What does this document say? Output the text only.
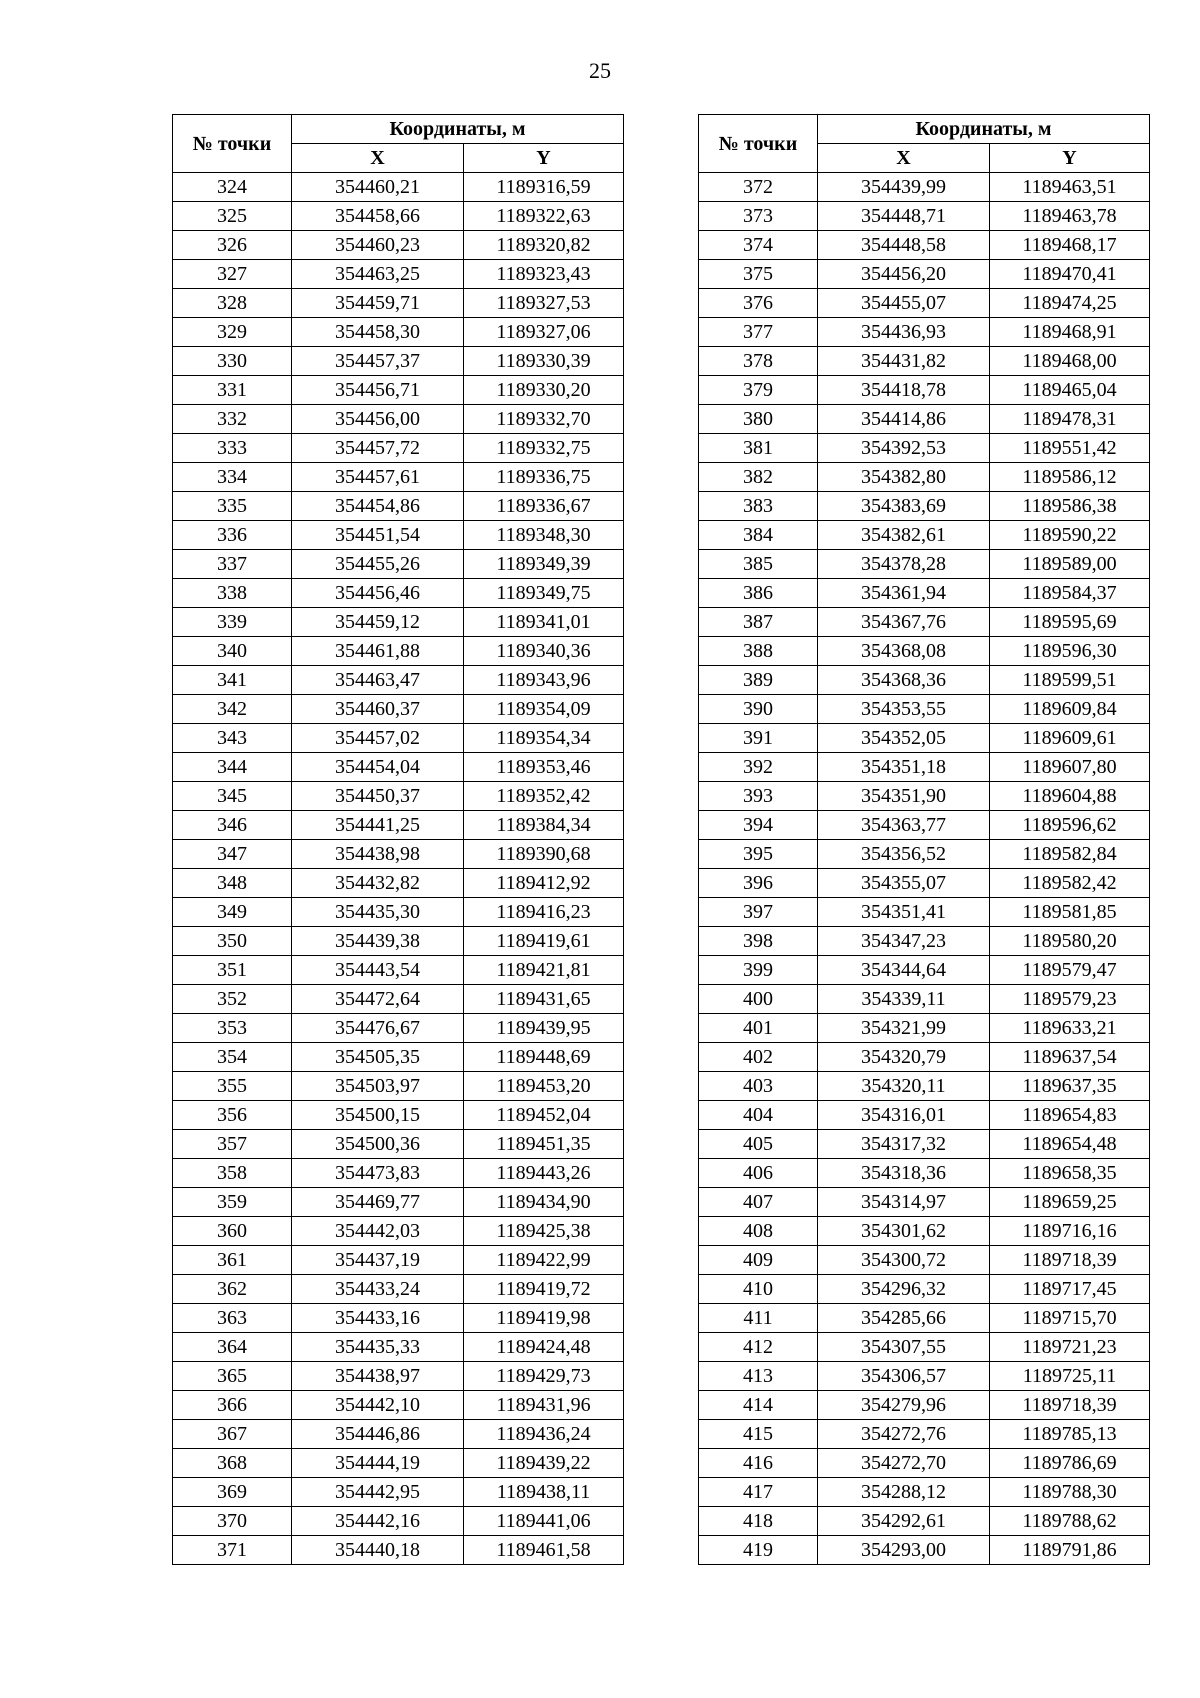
25
№ точки	Координаты, м	
	X	Y
324	354460,21	1189316,59
325	354458,66	1189322,63
326	354460,23	1189320,82
327	354463,25	1189323,43
328	354459,71	1189327,53
329	354458,30	1189327,06
330	354457,37	1189330,39
331	354456,71	1189330,20
332	354456,00	1189332,70
333	354457,72	1189332,75
334	354457,61	1189336,75
335	354454,86	1189336,67
336	354451,54	1189348,30
337	354455,26	1189349,39
338	354456,46	1189349,75
339	354459,12	1189341,01
340	354461,88	1189340,36
341	354463,47	1189343,96
342	354460,37	1189354,09
343	354457,02	1189354,34
344	354454,04	1189353,46
345	354450,37	1189352,42
346	354441,25	1189384,34
347	354438,98	1189390,68
348	354432,82	1189412,92
349	354435,30	1189416,23
350	354439,38	1189419,61
351	354443,54	1189421,81
352	354472,64	1189431,65
353	354476,67	1189439,95
354	354505,35	1189448,69
355	354503,97	1189453,20
356	354500,15	1189452,04
357	354500,36	1189451,35
358	354473,83	1189443,26
359	354469,77	1189434,90
360	354442,03	1189425,38
361	354437,19	1189422,99
362	354433,24	1189419,72
363	354433,16	1189419,98
364	354435,33	1189424,48
365	354438,97	1189429,73
366	354442,10	1189431,96
367	354446,86	1189436,24
368	354444,19	1189439,22
369	354442,95	1189438,11
370	354442,16	1189441,06
371	354440,18	1189461,58
№ точки	Координаты, м	
	X	Y
372	354439,99	1189463,51
373	354448,71	1189463,78
374	354448,58	1189468,17
375	354456,20	1189470,41
376	354455,07	1189474,25
377	354436,93	1189468,91
378	354431,82	1189468,00
379	354418,78	1189465,04
380	354414,86	1189478,31
381	354392,53	1189551,42
382	354382,80	1189586,12
383	354383,69	1189586,38
384	354382,61	1189590,22
385	354378,28	1189589,00
386	354361,94	1189584,37
387	354367,76	1189595,69
388	354368,08	1189596,30
389	354368,36	1189599,51
390	354353,55	1189609,84
391	354352,05	1189609,61
392	354351,18	1189607,80
393	354351,90	1189604,88
394	354363,77	1189596,62
395	354356,52	1189582,84
396	354355,07	1189582,42
397	354351,41	1189581,85
398	354347,23	1189580,20
399	354344,64	1189579,47
400	354339,11	1189579,23
401	354321,99	1189633,21
402	354320,79	1189637,54
403	354320,11	1189637,35
404	354316,01	1189654,83
405	354317,32	1189654,48
406	354318,36	1189658,35
407	354314,97	1189659,25
408	354301,62	1189716,16
409	354300,72	1189718,39
410	354296,32	1189717,45
411	354285,66	1189715,70
412	354307,55	1189721,23
413	354306,57	1189725,11
414	354279,96	1189718,39
415	354272,76	1189785,13
416	354272,70	1189786,69
417	354288,12	1189788,30
418	354292,61	1189788,62
419	354293,00	1189791,86
